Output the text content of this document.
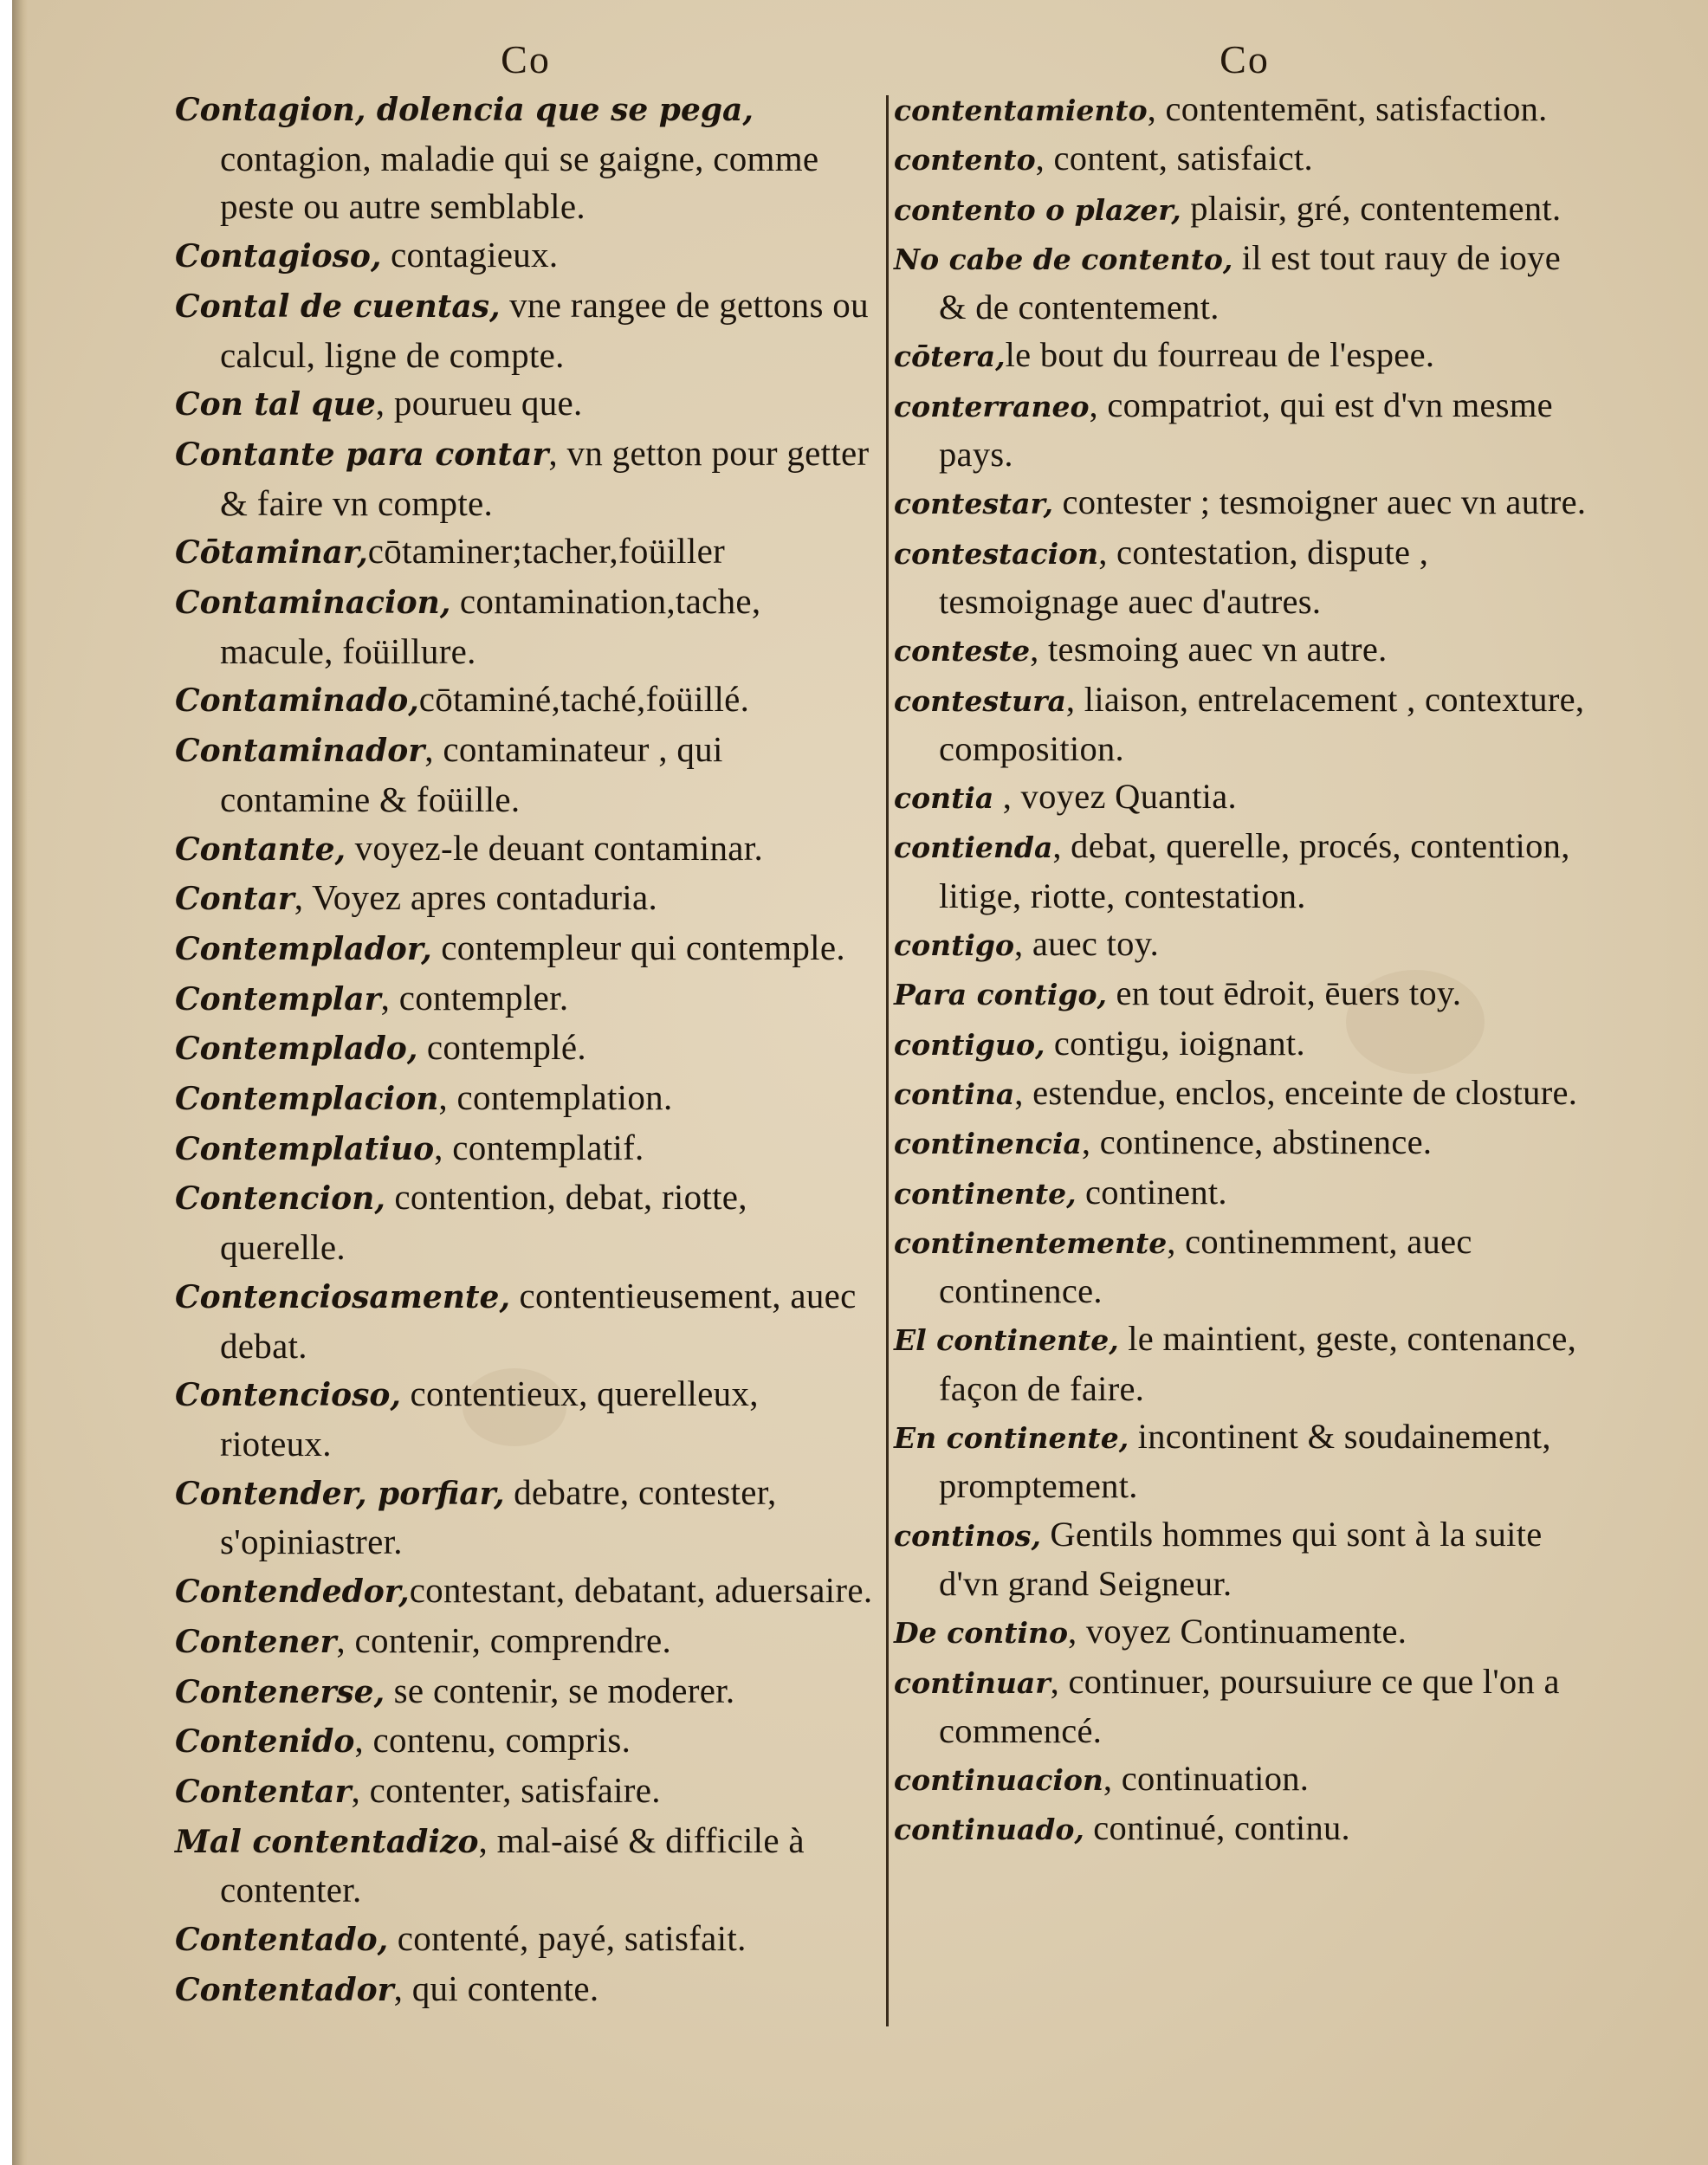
Co

Contagion, dolencia que se pega, contagion, maladie qui se gaigne, comme peste ou autre semblable.

Contagioso, contagieux.

Contal de cuentas, vne rangee de gettons ou calcul, ligne de compte.

Con tal que, pourueu que.

Contante para contar, vn getton pour getter & faire vn compte.

Cōtaminar,cōtaminer;tacher,foüiller

Contaminacion, contamination,tache, macule, foüillure.

Contaminado,cōtaminé,taché,foüillé.

Contaminador, contaminateur , qui contamine & foüille.

Contante, voyez-le deuant contaminar.

Contar, Voyez apres contaduria.

Contemplador, contempleur qui contemple.

Contemplar, contempler.

Contemplado, contemplé.

Contemplacion, contemplation.

Contemplatiuo, contemplatif.

Contencion, contention, debat, riotte, querelle.

Contenciosamente, contentieusement, auec debat.

Contencioso, contentieux, querelleux, rioteux.

Contender, porfiar, debatre, contester, s'opiniastrer.

Contendedor,contestant, debatant, aduersaire.

Contener, contenir, comprendre.

Contenerse, se contenir, se moderer.

Contenido, contenu, compris.

Contentar, contenter, satisfaire.

Mal contentadizo, mal-aisé & difficile à contenter.

Contentado, contenté, payé, satisfait.

Contentador, qui contente.

Co

contentamiento, contentemēnt, satisfaction.

contento, content, satisfaict.

contento o plazer, plaisir, gré, contentement.

No cabe de contento, il est tout rauy de ioye & de contentement.

cōtera,le bout du fourreau de l'espee.

conterraneo, compatriot, qui est d'vn mesme pays.

contestar, contester ; tesmoigner auec vn autre.

contestacion, contestation, dispute , tesmoignage auec d'autres.

conteste, tesmoing auec vn autre.

contestura, liaison, entrelacement , contexture, composition.

contia , voyez Quantia.

contienda, debat, querelle, procés, contention, litige, riotte, contestation.

contigo, auec toy.

Para contigo, en tout ēdroit, ēuers toy.

contiguo, contigu, ioignant.

contina, estendue, enclos, enceinte de closture.

continencia, continence, abstinence.

continente, continent.

continentemente, continemment, auec continence.

El continente, le maintient, geste, contenance, façon de faire.

En continente, incontinent & soudainement, promptement.

continos, Gentils hommes qui sont à la suite d'vn grand Seigneur.

De contino, voyez Continuamente.

continuar, continuer, poursuiure ce que l'on a commencé.

continuacion, continuation.

continuado, continué, continu.
